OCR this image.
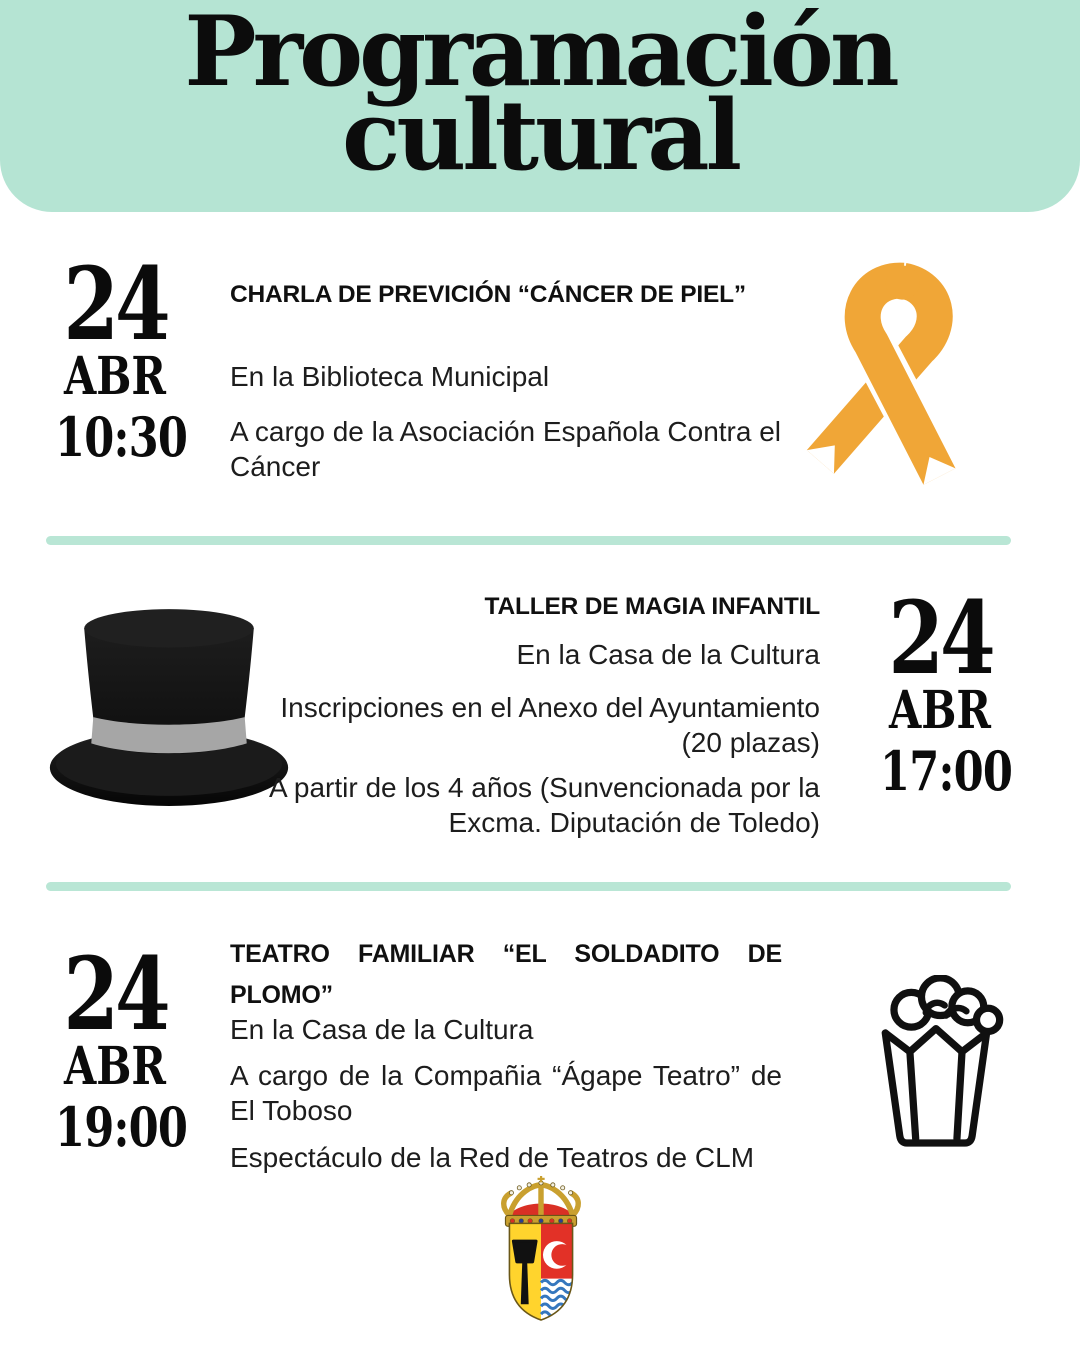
Programación
cultural
24
ABR
10:30
CHARLA DE PREVICIÓN “CÁNCER DE PIEL”
En la Biblioteca Municipal
A cargo de la Asociación Española Contra el Cáncer
TALLER DE MAGIA INFANTIL
En la Casa de la Cultura
Inscripciones en el Anexo del Ayuntamiento (20 plazas)
A partir de los 4 años (Sunvencionada por la Excma. Diputación de Toledo)
24
ABR
17:00
24
ABR
19:00
TEATRO FAMILIAR “EL SOLDADITO DE PLOMO”
En la Casa de la Cultura
A cargo de la Compañia “Ágape Teatro” de El Toboso
Espectáculo de la Red de Teatros de CLM
